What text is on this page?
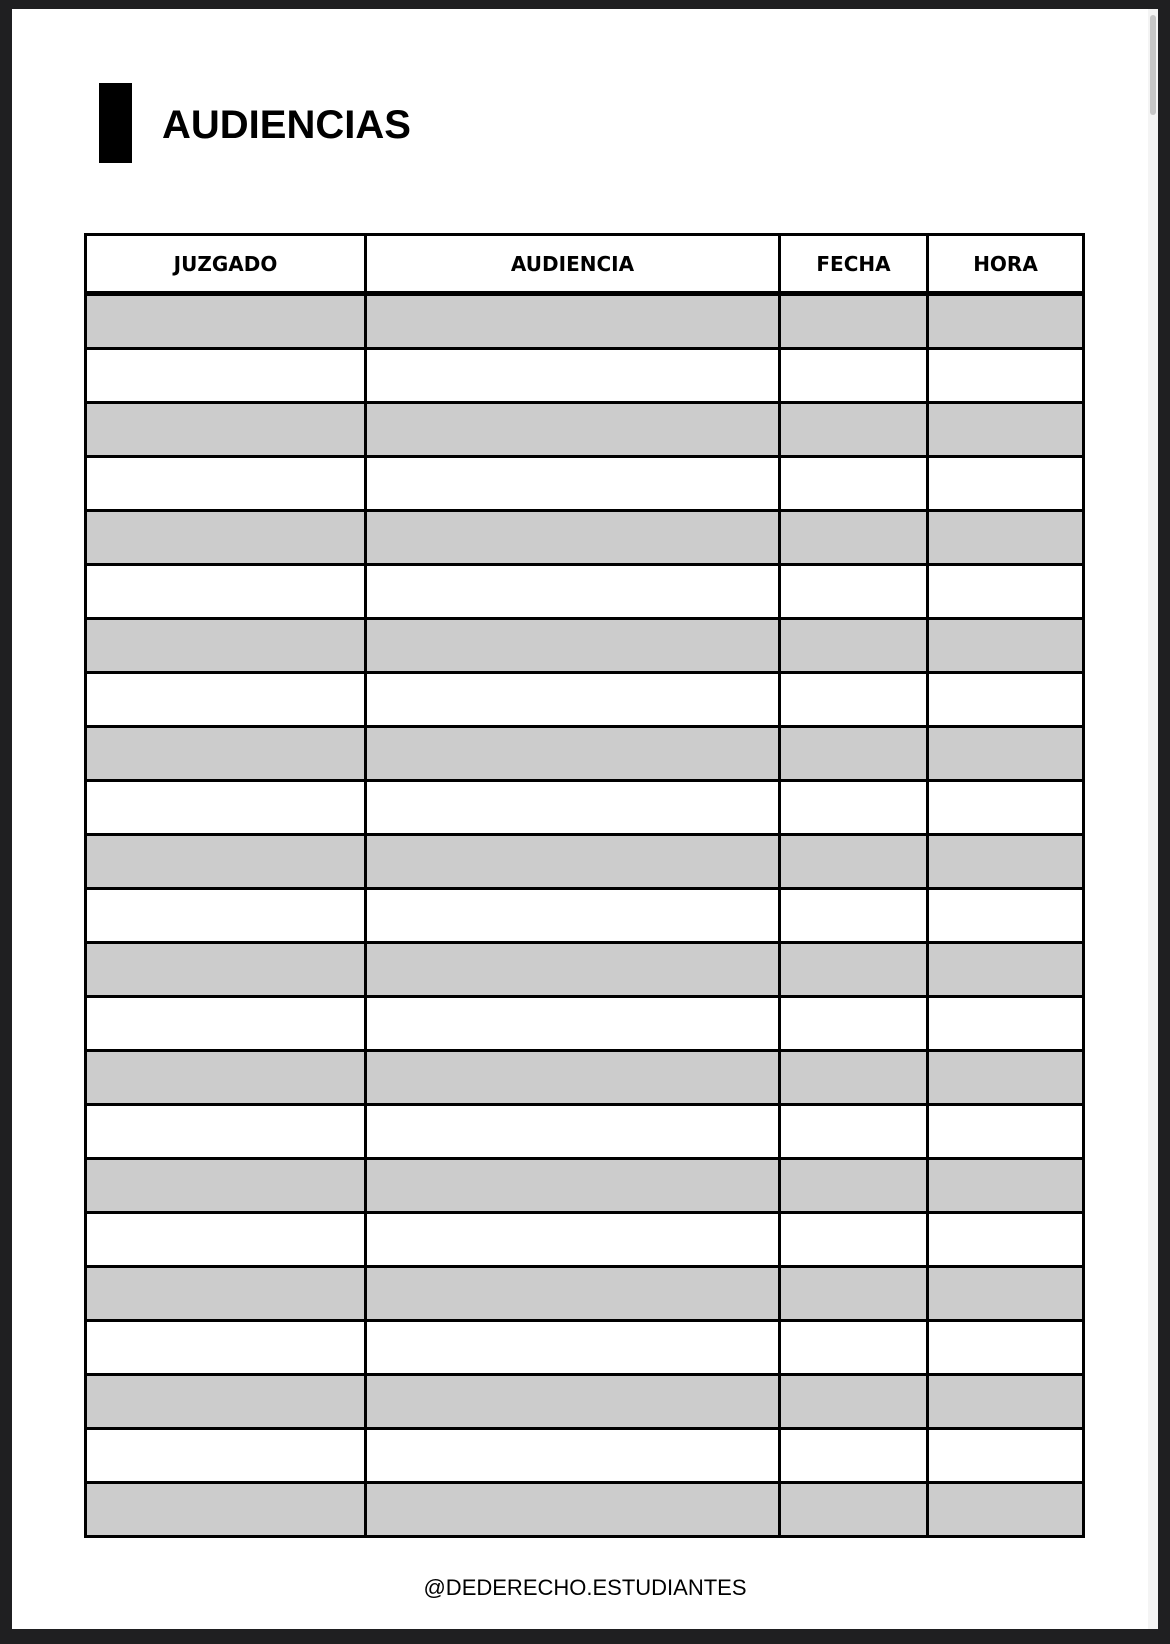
AUDIENCIAS
JUZGADO	AUDIENCIA	FECHA	HORA

@DEDERECHO.ESTUDIANTES
